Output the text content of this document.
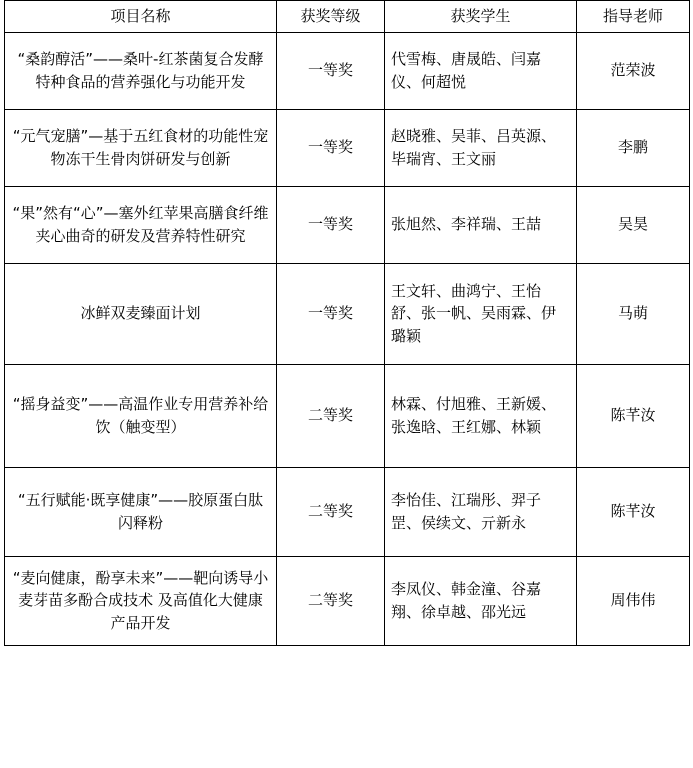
项目名称	获奖等级	获奖学生	指导老师
“桑韵醇活”——桑叶-红茶菌复合发酵特种食品的营养强化与功能开发	一等奖	代雪梅、唐晟皓、闫嘉仪、何超悦	范荣波
“元气宠膳”—基于五红食材的功能性宠物冻干生骨肉饼研发与创新	一等奖	赵晓雅、吴菲、吕英源、毕瑞宵、王文丽	李鹏
“果”然有“心”—塞外红苹果高膳食纤维夹心曲奇的研发及营养特性研究	一等奖	张旭然、李祥瑞、王喆	吴昊
冰鲜双麦臻面计划	一等奖	王文轩、曲鸿宁、王怡舒、张一帆、吴雨霖、伊璐颖	马萌
“摇身益变”——高温作业专用营养补给饮（触变型）	二等奖	林霖、付旭雅、王新媛、张逸晗、王红娜、林颖	陈芊汝
“五行赋能·既享健康”——胶原蛋白肽闪释粉	二等奖	李怡佳、江瑞彤、羿子罡、侯续文、亓新永	陈芊汝
“麦向健康，酚享未来”——靶向诱导小麦芽苗多酚合成技术 及高值化大健康产品开发	二等奖	李凤仪、韩金潼、谷嘉翔、徐卓越、邵光远	周伟伟
